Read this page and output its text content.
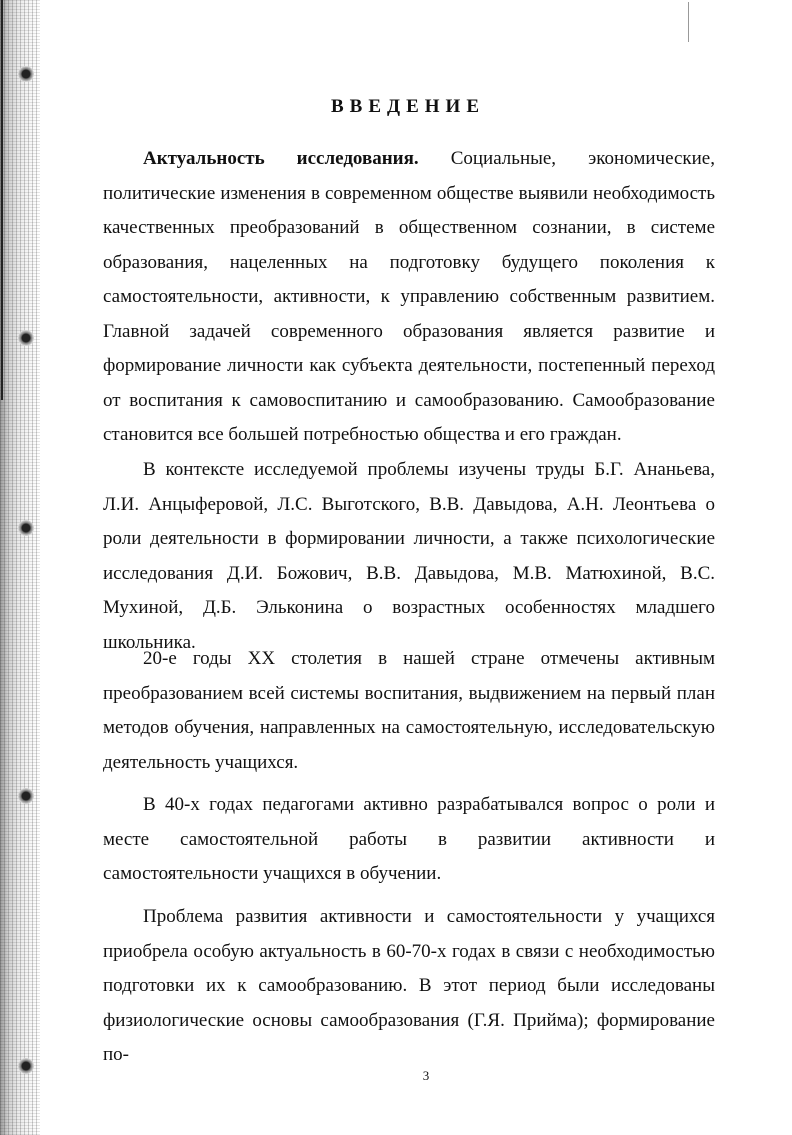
ВВЕДЕНИЕ

Актуальность исследования. Социальные, экономические, политические изменения в современном обществе выявили необходимость качественных преобразований в общественном сознании, в системе образования, нацеленных на подготовку будущего поколения к самостоятельности, активности, к управлению собственным развитием. Главной задачей современного образования является развитие и формирование личности как субъекта деятельности, постепенный переход от воспитания к самовоспитанию и самообразованию. Самообразование становится все большей потребностью общества и его граждан.

В контексте исследуемой проблемы изучены труды Б.Г. Ананьева, Л.И. Анцыферовой, Л.С. Выготского, В.В. Давыдова, А.Н. Леонтьева о роли деятельности в формировании личности, а также психологические исследования Д.И. Божович, В.В. Давыдова, М.В. Матюхиной, В.С. Мухиной, Д.Б. Эльконина о возрастных особенностях младшего школьника.

20-е годы XX столетия в нашей стране отмечены активным преобразованием всей системы воспитания, выдвижением на первый план методов обучения, направленных на самостоятельную, исследовательскую деятельность учащихся.

В 40-х годах педагогами активно разрабатывался вопрос о роли и месте самостоятельной работы в развитии активности и самостоятельности учащихся в обучении.

Проблема развития активности и самостоятельности у учащихся приобрела особую актуальность в 60-70-х годах в связи с необходимостью подготовки их к самообразованию. В этот период были исследованы физиологические основы самообразования (Г.Я. Прийма); формирование по-

3
